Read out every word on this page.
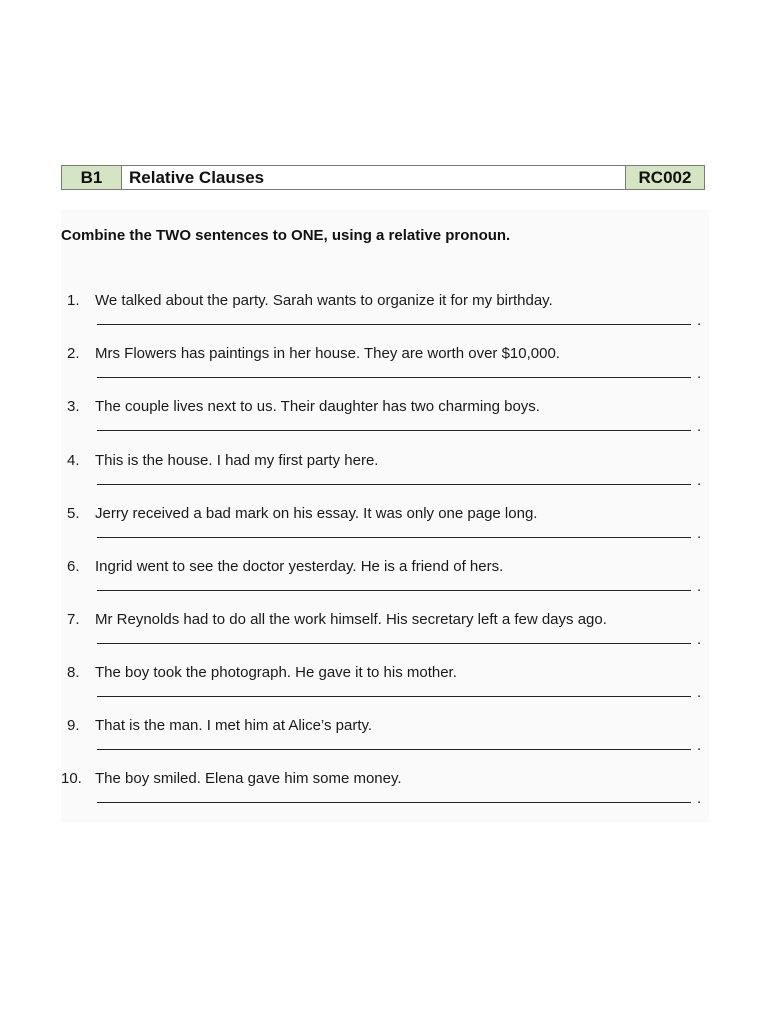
B1	Relative Clauses	RC002
Combine the TWO sentences to ONE, using a relative pronoun.
1.	We talked about the party. Sarah wants to organize it for my birthday.
.
2.	Mrs Flowers has paintings in her house. They are worth over $10,000.
.
3.	The couple lives next to us. Their daughter has two charming boys.
.
4.	This is the house. I had my first party here.
.
5.	Jerry received a bad mark on his essay. It was only one page long.
.
6.	Ingrid went to see the doctor yesterday. He is a friend of hers.
.
7.	Mr Reynolds had to do all the work himself. His secretary left a few days ago.
.
8.	The boy took the photograph. He gave it to his mother.
.
9.	That is the man. I met him at Alice’s party.
.
10. The boy smiled. Elena gave him some money.
.
